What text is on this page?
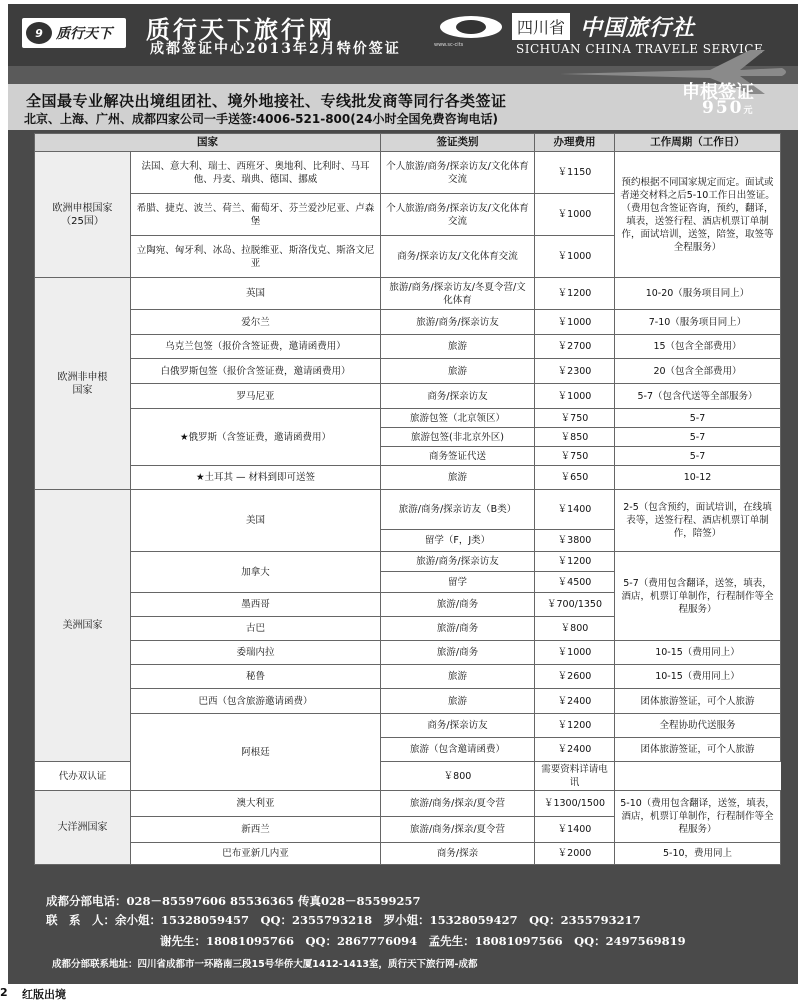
9 质行天下 质行天下旅行网
成都签证中心2013年2月特价签证	www.sc-cits
四川省 中国旅行社
SICHUAN CHINA TRAVELE SERVICE
全国最专业解决出境组团社、境外地接社、专线批发商等同行各类签证
北京、上海、广州、成都四家公司一手送签:4006-521-800(24小时全国免费咨询电话)
申根签证
950元
国家		签证类别	办理费用	工作周期（工作日）
欧洲申根国家
（25国）	法国、意大利、瑞士、西班牙、奥地利、比利时、马耳他、丹麦、瑞典、德国、挪威	个人旅游/商务/探亲访友/文化体育交流	￥1150	预约根据不同国家规定而定。面试或者递交材料之后5-10工作日出签证。（费用包含签证咨询，预约，翻译，填表，送签行程、酒店机票订单制作，面试培训，送签，陪签，取签等全程服务）
	希腊、捷克、波兰、荷兰、葡萄牙、芬兰爱沙尼亚、卢森堡	个人旅游/商务/探亲访友/文化体育交流	￥1000	
	立陶宛、匈牙利、冰岛、拉脱维亚、斯洛伐克、斯洛文尼亚	商务/探亲访友/文化体育交流	￥1000	
欧洲非申根
国家	英国	旅游/商务/探亲访友/冬夏令营/文化体育	￥1200	10-20（服务项目同上）
	爱尔兰	旅游/商务/探亲访友	￥1000	7-10（服务项目同上）
	乌克兰包签（报价含签证费，邀请函费用）	旅游	￥2700	15（包含全部费用）
	白俄罗斯包签（报价含签证费，邀请函费用）	旅游	￥2300	20（包含全部费用）
	罗马尼亚	商务/探亲访友	￥1000	5-7（包含代送等全部服务）
	★俄罗斯（含签证费，邀请函费用）	旅游包签（北京领区）	￥750	5-7
		旅游包签(非北京外区)	￥850	5-7
		商务签证代送	￥750	5-7
	★土耳其 — 材料到即可送签	旅游	￥650	10-12
美洲国家	美国	旅游/商务/探亲访友（B类）	￥1400	2-5（包含预约，面试培训，在线填表等，送签行程、酒店机票订单制作，陪签）
		留学（F，J类）	￥3800	
	加拿大	旅游/商务/探亲访友	￥1200	5-7（费用包含翻译，送签，填表，酒店，机票订单制作，行程制作等全程服务）
		留学	￥4500	
	墨西哥	旅游/商务	￥700/1350	
	古巴	旅游/商务	￥800	
	委瑞内拉	旅游/商务	￥1000	10-15（费用同上）
	秘鲁	旅游	￥2600	10-15（费用同上）
	巴西（包含旅游邀请函费）	旅游	￥2400	团体旅游签证，可个人旅游
	阿根廷	商务/探亲访友	￥1200	全程协助代送服务
		旅游（包含邀请函费）	￥2400	团体旅游签证，可个人旅游
代办双认证		￥800	需要资料详请电讯	
大洋洲国家	澳大利亚	旅游/商务/探亲/夏令营	￥1300/1500	5-10（费用包含翻译，送签，填表，酒店，机票订单制作，行程制作等全程服务）
	新西兰	旅游/商务/探亲/夏令营	￥1400	
	巴布亚新几内亚	商务/探亲	￥2000	5-10，费用同上
成都分部电话：028－85597606 85536365 传真028－85599257
联　系　人：余小姐：15328059457　QQ：2355793218　罗小姐：15328059427　QQ：2355793217
谢先生：18081095766　QQ：2867776094　孟先生：18081097566　QQ：2497569819
成都分部联系地址：四川省成都市一环路南三段15号华侨大厦1412-1413室，质行天下旅行网-成都
2 红版出境
